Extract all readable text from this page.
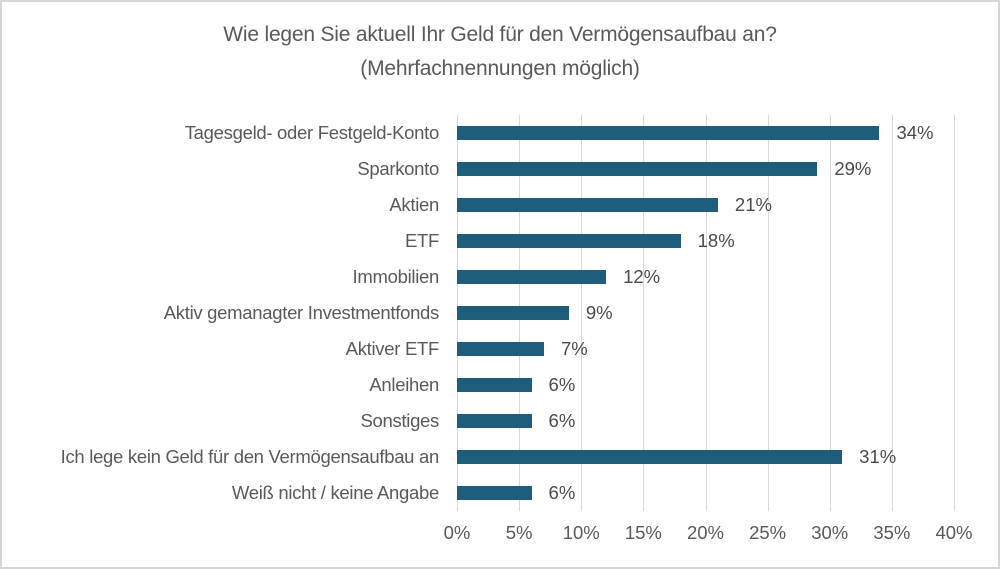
Wie legen Sie aktuell Ihr Geld für den Vermögensaufbau an?
(Mehrfachnennungen möglich)
Tagesgeld- oder Festgeld-Konto	34%
Sparkonto	29%
Aktien	21%
ETF	18%
Immobilien	12%
Aktiv gemanagter Investmentfonds	9%
Aktiver ETF	7%
Anleihen	6%
Sonstiges	6%
Ich lege kein Geld für den Vermögensaufbau an	31%
Weiß nicht / keine Angabe	6%
0% 5% 10% 15% 20% 25% 30% 35% 40%
